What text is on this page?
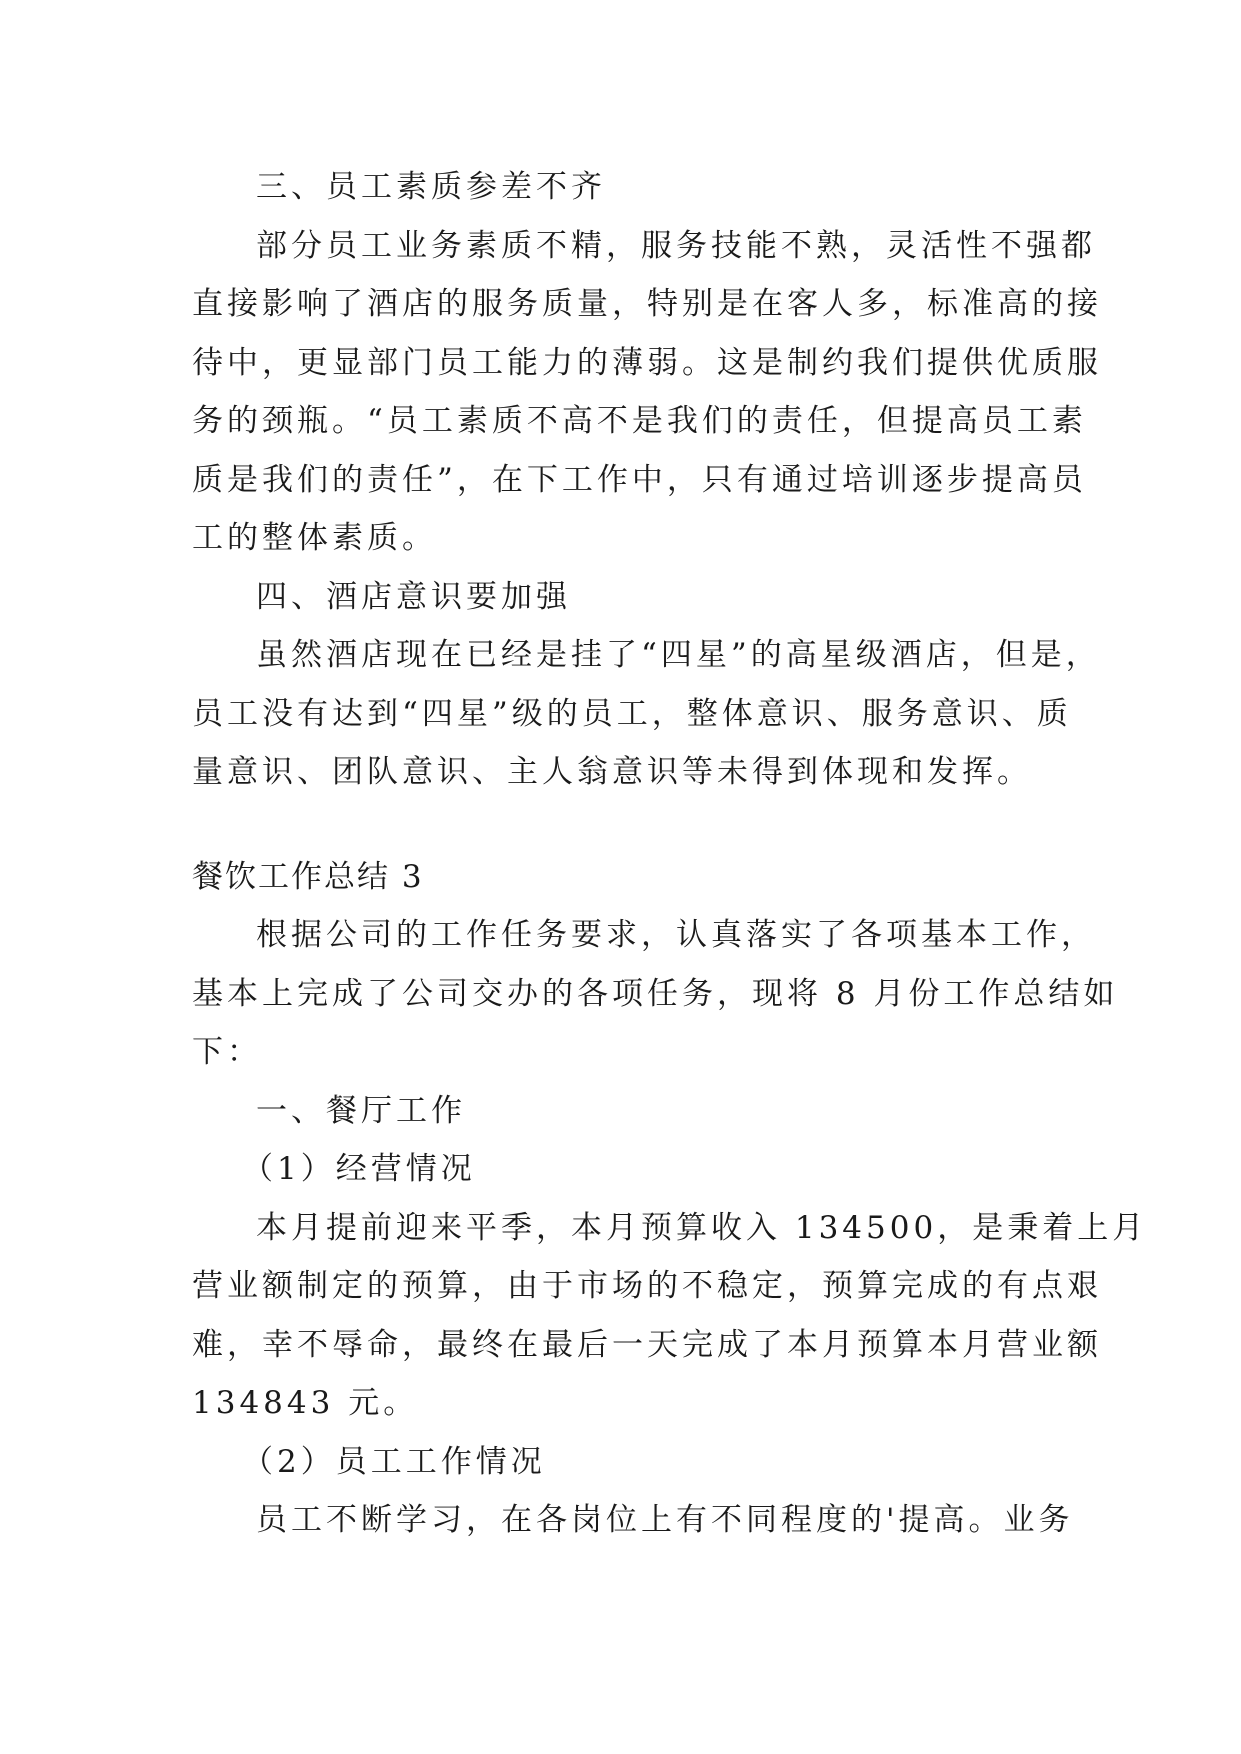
三、员工素质参差不齐
部分员工业务素质不精，服务技能不熟，灵活性不强都
直接影响了酒店的服务质量，特别是在客人多，标准高的接
待中，更显部门员工能力的薄弱。这是制约我们提供优质服
务的颈瓶。“员工素质不高不是我们的责任，但提高员工素
质是我们的责任”，在下工作中，只有通过培训逐步提高员
工的整体素质。
四、酒店意识要加强
虽然酒店现在已经是挂了“四星”的高星级酒店，但是，
员工没有达到“四星”级的员工，整体意识、服务意识、质
量意识、团队意识、主人翁意识等未得到体现和发挥。
餐饮工作总结 3
根据公司的工作任务要求，认真落实了各项基本工作，
基本上完成了公司交办的各项任务，现将 8 月份工作总结如
下：
一、餐厅工作
（1）经营情况
本月提前迎来平季，本月预算收入 134500，是秉着上月
营业额制定的预算，由于市场的不稳定，预算完成的有点艰
难，幸不辱命，最终在最后一天完成了本月预算本月营业额
134843 元。
（2）员工工作情况
员工不断学习，在各岗位上有不同程度的'提高。业务
